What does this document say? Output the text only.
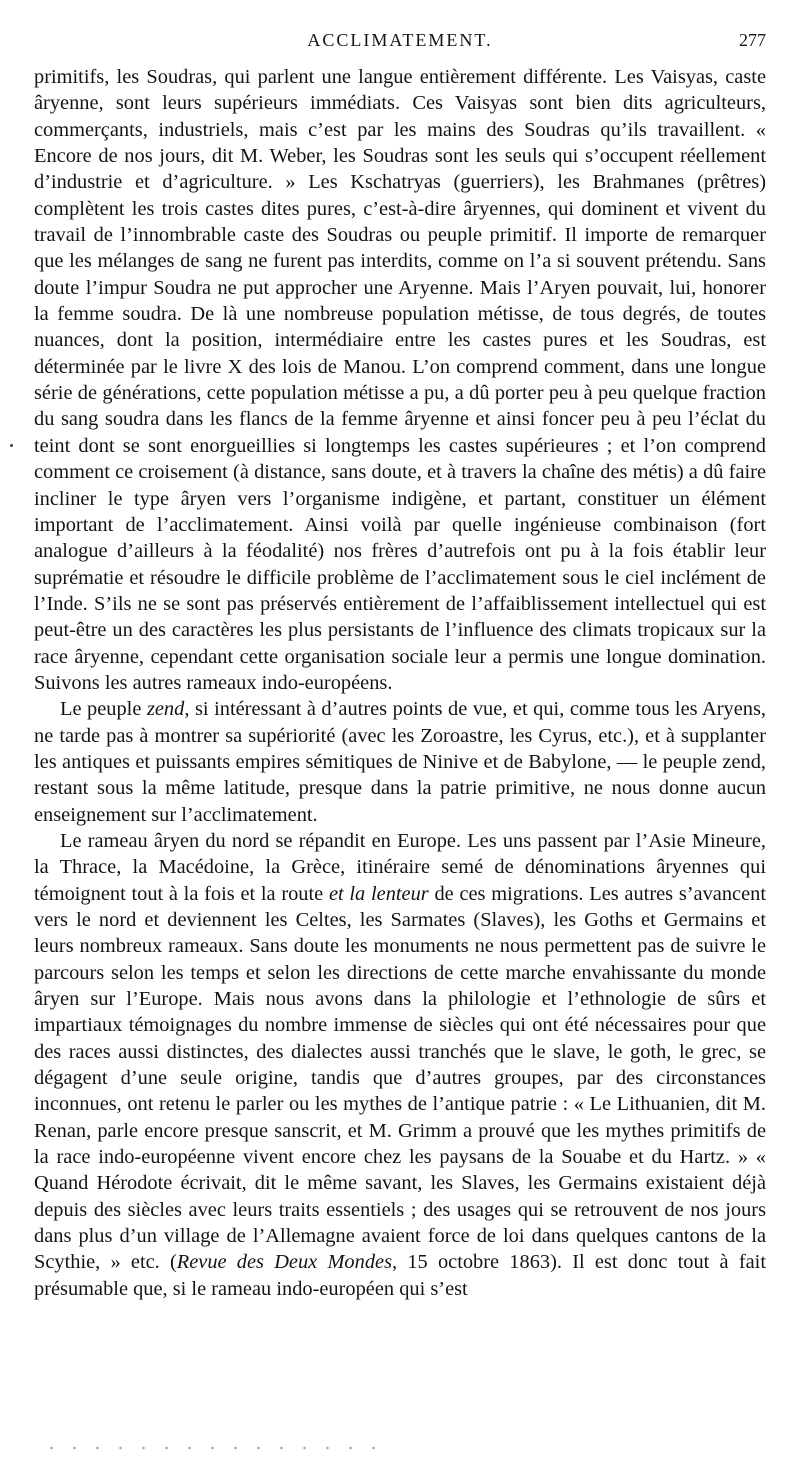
ACCLIMATEMENT.	277

primitifs, les Soudras, qui parlent une langue entièrement différente. Les Vaisyas, caste âryenne, sont leurs supérieurs immédiats. Ces Vaisyas sont bien dits agriculteurs, commerçants, industriels, mais c’est par les mains des Soudras qu’ils travaillent. « Encore de nos jours, dit M. Weber, les Soudras sont les seuls qui s’occupent réellement d’industrie et d’agriculture. » Les Kschatryas (guerriers), les Brahmanes (prêtres) complètent les trois castes dites pures, c’est-à-dire âryennes, qui dominent et vivent du travail de l’innombrable caste des Soudras ou peuple primitif. Il importe de remarquer que les mélanges de sang ne furent pas interdits, comme on l’a si souvent prétendu. Sans doute l’impur Soudra ne put approcher une Aryenne. Mais l’Aryen pouvait, lui, honorer la femme soudra. De là une nombreuse population métisse, de tous degrés, de toutes nuances, dont la position, intermédiaire entre les castes pures et les Soudras, est déterminée par le livre X des lois de Manou. L’on comprend comment, dans une longue série de générations, cette population métisse a pu, a dû porter peu à peu quelque fraction du sang soudra dans les flancs de la femme âryenne et ainsi foncer peu à peu l’éclat du teint dont se sont enorgueillies si longtemps les castes supérieures ; et l’on comprend comment ce croisement (à distance, sans doute, et à travers la chaîne des métis) a dû faire incliner le type âryen vers l’organisme indigène, et partant, constituer un élément important de l’acclimatement. Ainsi voilà par quelle ingénieuse combinaison (fort analogue d’ailleurs à la féodalité) nos frères d’autrefois ont pu à la fois établir leur suprématie et résoudre le difficile problème de l’acclimatement sous le ciel inclément de l’Inde. S’ils ne se sont pas préservés entièrement de l’affaiblissement intellectuel qui est peut-être un des caractères les plus persistants de l’influence des climats tropicaux sur la race âryenne, cependant cette organisation sociale leur a permis une longue domination. Suivons les autres rameaux indo-européens.

Le peuple zend, si intéressant à d’autres points de vue, et qui, comme tous les Aryens, ne tarde pas à montrer sa supériorité (avec les Zoroastre, les Cyrus, etc.), et à supplanter les antiques et puissants empires sémitiques de Ninive et de Babylone, — le peuple zend, restant sous la même latitude, presque dans la patrie primitive, ne nous donne aucun enseignement sur l’acclimatement.

Le rameau âryen du nord se répandit en Europe. Les uns passent par l’Asie Mineure, la Thrace, la Macédoine, la Grèce, itinéraire semé de dénominations âryennes qui témoignent tout à la fois et la route et la lenteur de ces migrations. Les autres s’avancent vers le nord et deviennent les Celtes, les Sarmates (Slaves), les Goths et Germains et leurs nombreux rameaux. Sans doute les monuments ne nous permettent pas de suivre le parcours selon les temps et selon les directions de cette marche envahissante du monde âryen sur l’Europe. Mais nous avons dans la philologie et l’ethnologie de sûrs et impartiaux témoignages du nombre immense de siècles qui ont été nécessaires pour que des races aussi distinctes, des dialectes aussi tranchés que le slave, le goth, le grec, se dégagent d’une seule origine, tandis que d’autres groupes, par des circonstances inconnues, ont retenu le parler ou les mythes de l’antique patrie : « Le Lithuanien, dit M. Renan, parle encore presque sanscrit, et M. Grimm a prouvé que les mythes primitifs de la race indo-européenne vivent encore chez les paysans de la Souabe et du Hartz. » « Quand Hérodote écrivait, dit le même savant, les Slaves, les Germains existaient déjà depuis des siècles avec leurs traits essentiels ; des usages qui se retrouvent de nos jours dans plus d’un village de l’Allemagne avaient force de loi dans quelques cantons de la Scythie, » etc. (Revue des Deux Mondes, 15 octobre 1863). Il est donc tout à fait présumable que, si le rameau indo-européen qui s’est
